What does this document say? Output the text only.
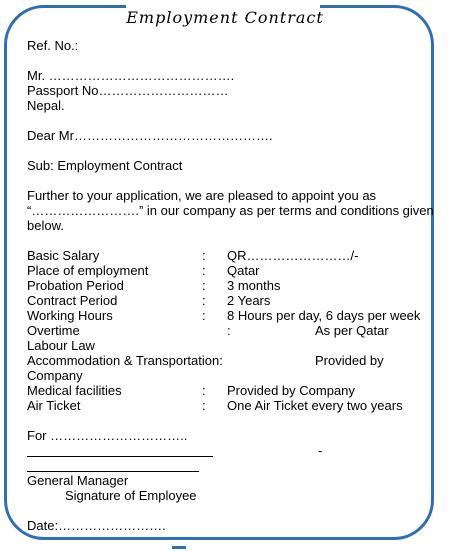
Employment Contract
Ref. No.:
Mr. …………………………………….
Passport No…………………………
Nepal.
Dear Mr……………………………………….
Sub: Employment Contract
Further to your application, we are pleased to appoint you as
“…………………….” in our company as per terms and conditions given
below.
Basic Salary	: QR……………………/-
Place of employment	: Qatar
Probation Period	: 3 months
Contract Period	: 2 Years
Working Hours	: 8 Hours per day, 6 days per week
Overtime	:	As per Qatar
Labour Law
Accommodation & Transportation:	Provided by
Company
Medical facilities	: Provided by Company
Air Ticket	: One Air Ticket every two years
For …………………………..
-
General Manager
Signature of Employee
Date:…………………….
